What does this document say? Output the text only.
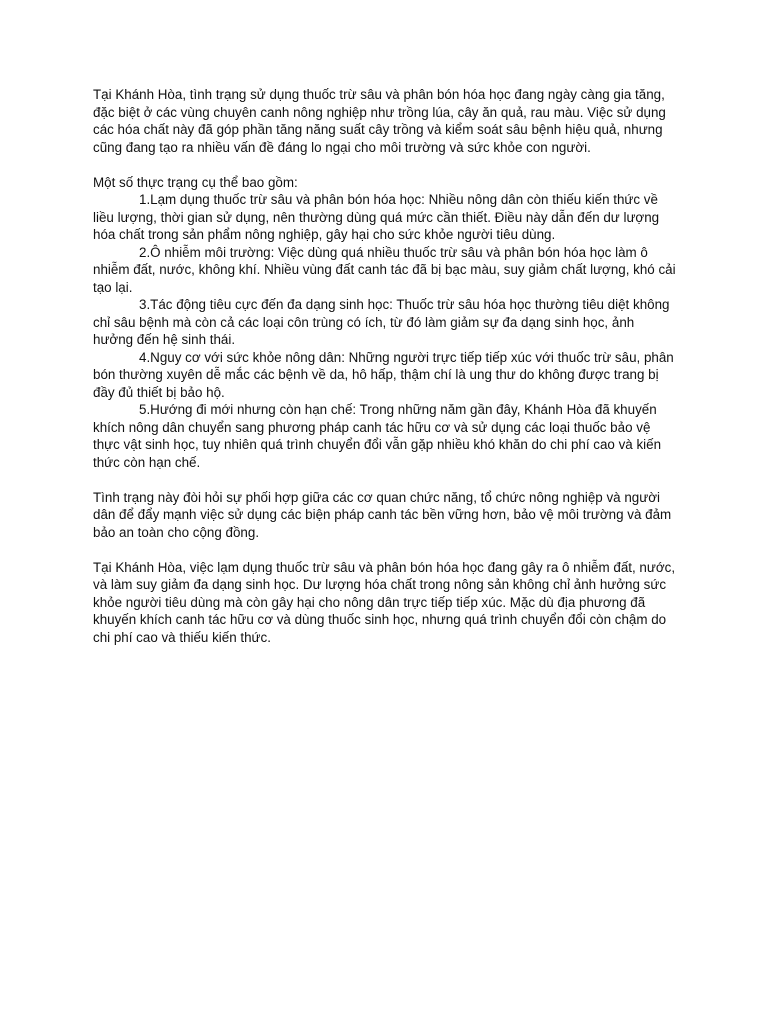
Tại Khánh Hòa, tình trạng sử dụng thuốc trừ sâu và phân bón hóa học đang ngày càng gia tăng, đặc biệt ở các vùng chuyên canh nông nghiệp như trồng lúa, cây ăn quả, rau màu. Việc sử dụng các hóa chất này đã góp phần tăng năng suất cây trồng và kiểm soát sâu bệnh hiệu quả, nhưng cũng đang tạo ra nhiều vấn đề đáng lo ngại cho môi trường và sức khỏe con người.

Một số thực trạng cụ thể bao gồm:

1.Lạm dụng thuốc trừ sâu và phân bón hóa học: Nhiều nông dân còn thiếu kiến thức về liều lượng, thời gian sử dụng, nên thường dùng quá mức cần thiết. Điều này dẫn đến dư lượng hóa chất trong sản phẩm nông nghiệp, gây hại cho sức khỏe người tiêu dùng.

2.Ô nhiễm môi trường: Việc dùng quá nhiều thuốc trừ sâu và phân bón hóa học làm ô nhiễm đất, nước, không khí. Nhiều vùng đất canh tác đã bị bạc màu, suy giảm chất lượng, khó cải tạo lại.

3.Tác động tiêu cực đến đa dạng sinh học: Thuốc trừ sâu hóa học thường tiêu diệt không chỉ sâu bệnh mà còn cả các loại côn trùng có ích, từ đó làm giảm sự đa dạng sinh học, ảnh hưởng đến hệ sinh thái.

4.Nguy cơ với sức khỏe nông dân: Những người trực tiếp tiếp xúc với thuốc trừ sâu, phân bón thường xuyên dễ mắc các bệnh về da, hô hấp, thậm chí là ung thư do không được trang bị đầy đủ thiết bị bảo hộ.

5.Hướng đi mới nhưng còn hạn chế: Trong những năm gần đây, Khánh Hòa đã khuyến khích nông dân chuyển sang phương pháp canh tác hữu cơ và sử dụng các loại thuốc bảo vệ thực vật sinh học, tuy nhiên quá trình chuyển đổi vẫn gặp nhiều khó khăn do chi phí cao và kiến thức còn hạn chế.

Tình trạng này đòi hỏi sự phối hợp giữa các cơ quan chức năng, tổ chức nông nghiệp và người dân để đẩy mạnh việc sử dụng các biện pháp canh tác bền vững hơn, bảo vệ môi trường và đảm bảo an toàn cho cộng đồng.

Tại Khánh Hòa, việc lạm dụng thuốc trừ sâu và phân bón hóa học đang gây ra ô nhiễm đất, nước, và làm suy giảm đa dạng sinh học. Dư lượng hóa chất trong nông sản không chỉ ảnh hưởng sức khỏe người tiêu dùng mà còn gây hại cho nông dân trực tiếp tiếp xúc. Mặc dù địa phương đã khuyến khích canh tác hữu cơ và dùng thuốc sinh học, nhưng quá trình chuyển đổi còn chậm do chi phí cao và thiếu kiến thức.
